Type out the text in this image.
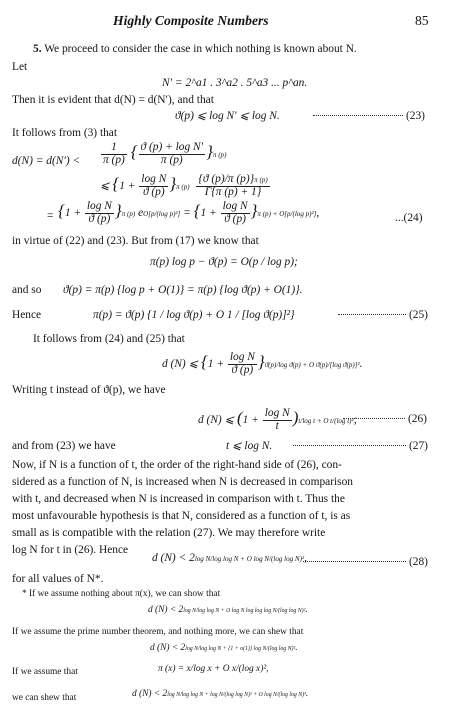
Highly Composite Numbers	85
5. We proceed to consider the case in which nothing is known about N.
Let
N′ = 2^a1 . 3^a2 . 5^a3 ... p^an.
Then it is evident that d(N) = d(N′), and that
ϑ(p) ⩽ log N′ ⩽ log N.	(23)
It follows from (3) that
$d(N) = d(N') < \frac{1}{\pi (p)}$ { $\frac{\text{ϑ (p) + log N′}}{\pi (p)} \}^{\pi (p)}$
⩽ $\{1 + \frac{\text{log N}}{ϑ (p)} \}^{\pi (p)} \frac{\{ϑ (p)/\pi (p)\}^{\pi (p)}}{\Gamma\{\pi (p) + 1\}}$
= $\{1 + \frac{\text{log N}}{ϑ (p)} \}^{\pi (p)}$ $e^{O[p/(log p)^2]} = \{1 + \frac{\text{log N}}{ϑ (p)} \}^{\pi (p) + O[p/(log p)^2]}$,	...(24)
in virtue of (22) and (23). But from (17) we know that
π(p) log p − ϑ(p) = O(p / log p);
and so ϑ(p) = π(p) {log p + O(1)} = π(p) {log ϑ(p) + O(1)}.
Hence	π(p) = ϑ(p) {1 / log ϑ(p) + O 1 / [log ϑ(p)]²}	(25)
It follows from (24) and (25) that
d (N) ⩽ $\{1 + \frac{\text{log N}}{ϑ (p)} \}^{ϑ(p)/log ϑ(p) + O ϑ(p)/[log ϑ(p)]^2}$.
Writing t instead of ϑ(p), we have
d (N) ⩽ $(1 + \frac{\text{log N}}{t} )^{t/log t + O t/(log t)^2}$;	(26)
and from (23) we have	t ⩽ log N.	(27)
Now, if N is a function of t, the order of the right-hand side of (26), con-
sidered as a function of N, is increased when N is decreased in comparison
with t, and decreased when N is increased in comparison with t. Thus the
most unfavourable hypothesis is that N, considered as a function of t, is as
small as is compatible with the relation (27). We may therefore write
log N for t in (26). Hence
d $(N) < 2^{log N/log log N + O log N/(log log N)^2}$,	(28)
for all values of N*.
* If we assume nothing about π(x), we can show that
d $(N) < 2^{log N/log log N + O log N log log log N/(log log N)^2}$.
If we assume the prime number theorem, and nothing more, we can shew that
d $(N) < 2^{log N/log log N + \{1 + o(1)\} log N/(log log N)^2}$.
If we assume that	π (x) = x/log x + O x/(log x)²,
we can shew that	d $(N) < 2^{log N/log log N + log N/(log log N)^2 + O log N/(log log N)^3}$.
